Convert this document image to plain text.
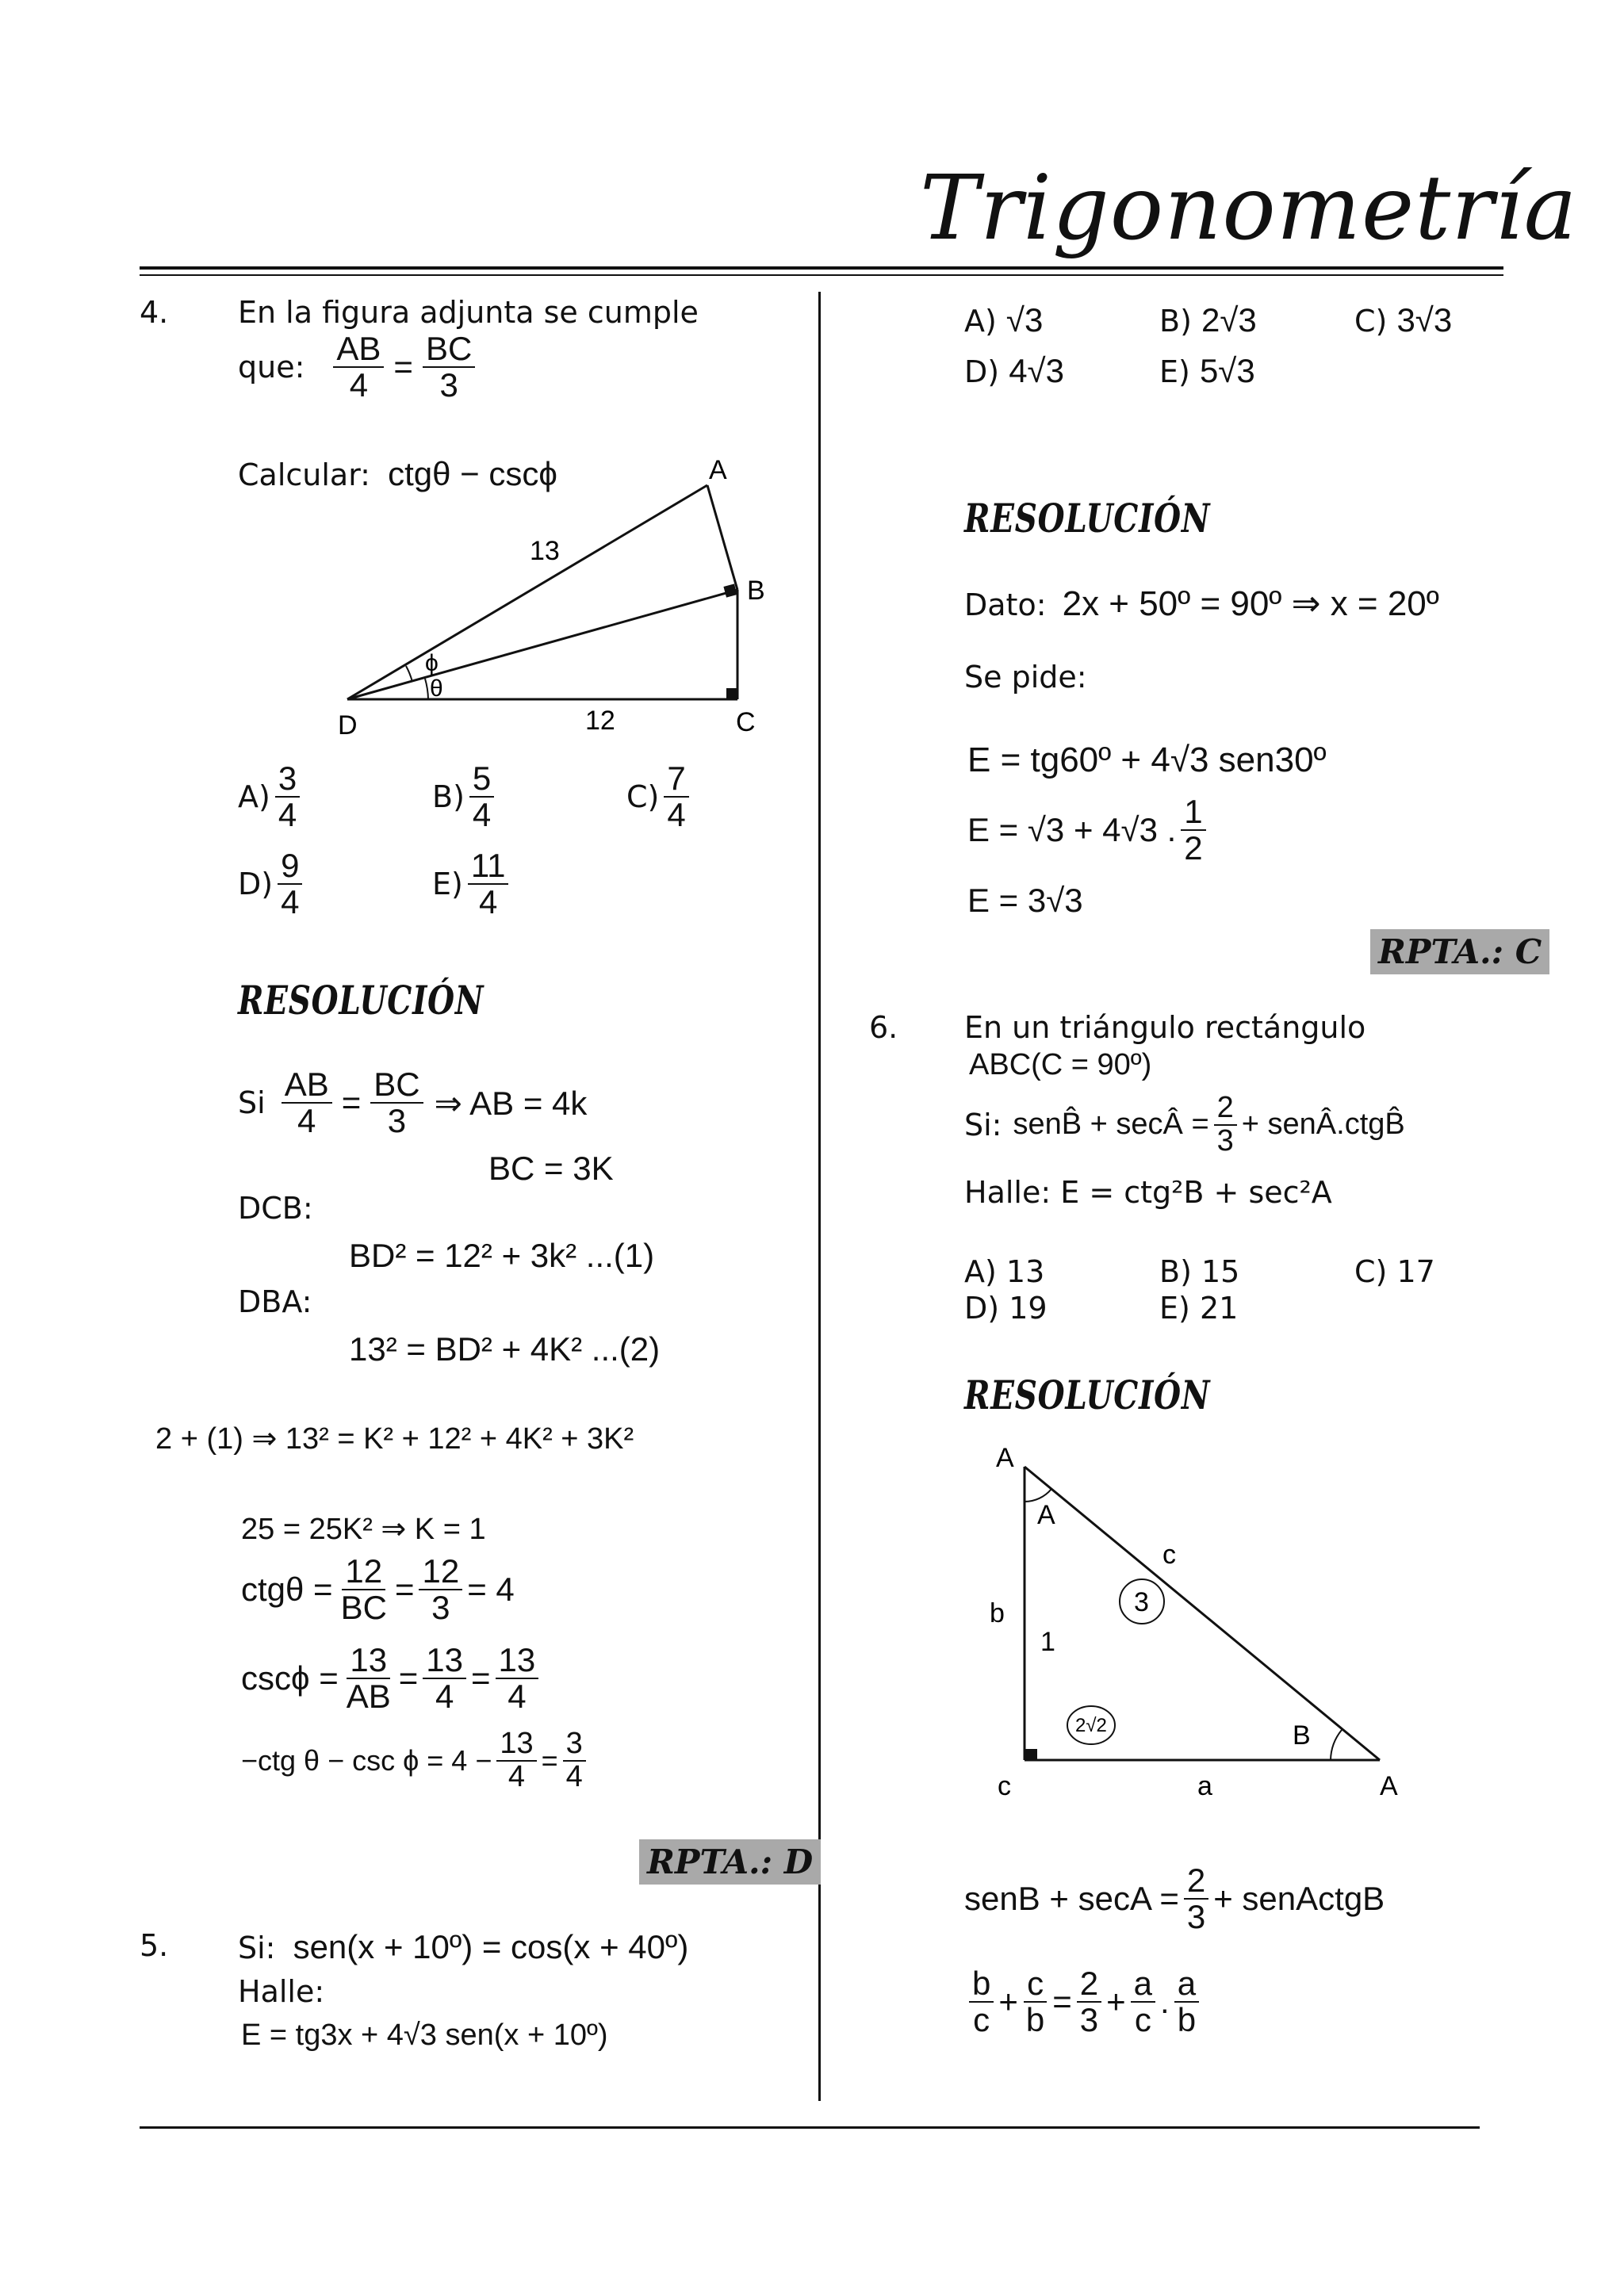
Trigonometría
4. En la figura adjunta se cumple
que: $\frac{AB}{4} = \frac{BC}{3}$
Calcular: ctgθ − cscϕ	A
B
C
D
13
12
ϕ
θ
$A) \frac{3}{4}$	$B) \frac{5}{4}$	$C) \frac{7}{4}$
$D) \frac{9}{4}$	$E) \frac{11}{4}$
RESOLUCIÓN
Si $\frac{AB}{4} = \frac{BC}{3}$ ⇒ AB = 4k
BC = 3K
DCB:
BD² = 12² + 3k² ...(1)
DBA:
13² = BD² + 4K² ...(2)
2 + (1) ⇒ 13² = K² + 12² + 4K² + 3K²
25 = 25K² ⇒ K = 1
$ctg\theta = \frac{12}{BC} = \frac{12}{3} = 4$
$\csc\phi = \frac{13}{AB} = \frac{13}{4} = \frac{13}{4}$
−ctg $\theta - \csc \phi = 4 - \frac{13}{4} = \frac{3}{4}$
RPTA.: D
5. Si: sen(x + 10º) = cos(x + 40º)
Halle:
E = tg3x + 4√3 sen(x + 10º)
A) √3	B) 2√3	C) 3√3
D) 4√3	E) 5√3
RESOLUCIÓN
Dato: 2x + 50º = 90º ⇒ x = 20º
Se pide:
E = tg60º + 4√3 sen30º
E = √3 + 4√3 . $\frac{1}{2}$
E = 3√3
RPTA.: C
6. En un triángulo rectángulo
ABC(C = 90º)
Si: senB̂ + secÂ = $\frac{2}{3}$ + senÂ.ctgB̂
Halle: E = ctg²B + sec²A
A) 13	B) 15	C) 17
D) 19	E) 21
RESOLUCIÓN
A
A
c
3
b
1
2√2	B
c	a	A
senB + $\sec A = \frac{2}{3}$ + senActgB
$\frac{b}{c} + \frac{c}{b} = \frac{2}{3} + \frac{a}{c}$ . $\frac{a}{b}$
